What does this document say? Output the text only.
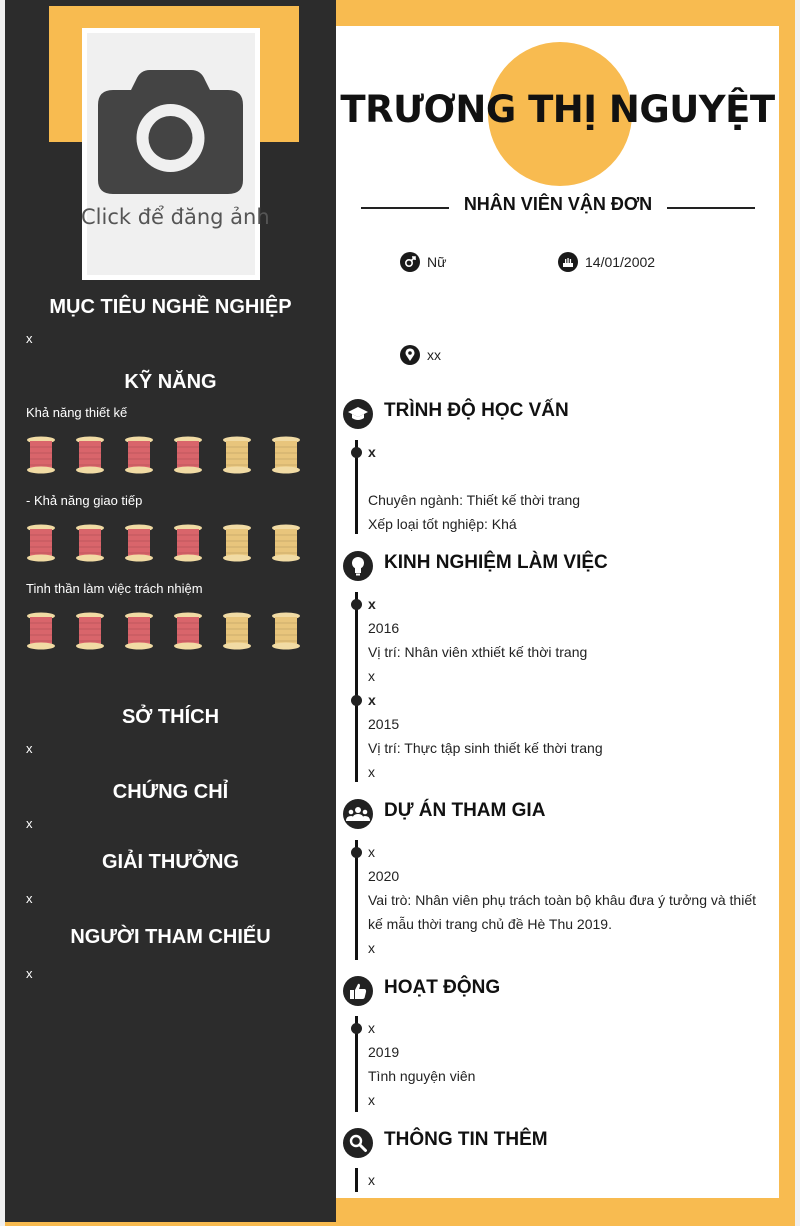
Click để đăng ảnh
MỤC TIÊU NGHỀ NGHIỆP
x
KỸ NĂNG
Khả năng thiết kế
- Khả năng giao tiếp
Tinh thần làm việc trách nhiệm
SỞ THÍCH
x
CHỨNG CHỈ
x
GIẢI THƯỞNG
x
NGƯỜI THAM CHIẾU
x
TRƯƠNG THỊ NGUYỆT
NHÂN VIÊN VẬN ĐƠN
Nữ	14/01/2002
xx
TRÌNH ĐỘ HỌC VẤN
x
Chuyên ngành: Thiết kế thời trang
Xếp loại tốt nghiệp: Khá
KINH NGHIỆM LÀM VIỆC
x
2016
Vị trí: Nhân viên xthiết kế thời trang
x
x
2015
Vị trí: Thực tập sinh thiết kế thời trang
x
DỰ ÁN THAM GIA
x
2020
Vai trò: Nhân viên phụ trách toàn bộ khâu đưa ý tưởng và thiết kế mẫu thời trang chủ đề Hè Thu 2019.
x
HOẠT ĐỘNG
x
2019
Tình nguyện viên
x
THÔNG TIN THÊM
x
